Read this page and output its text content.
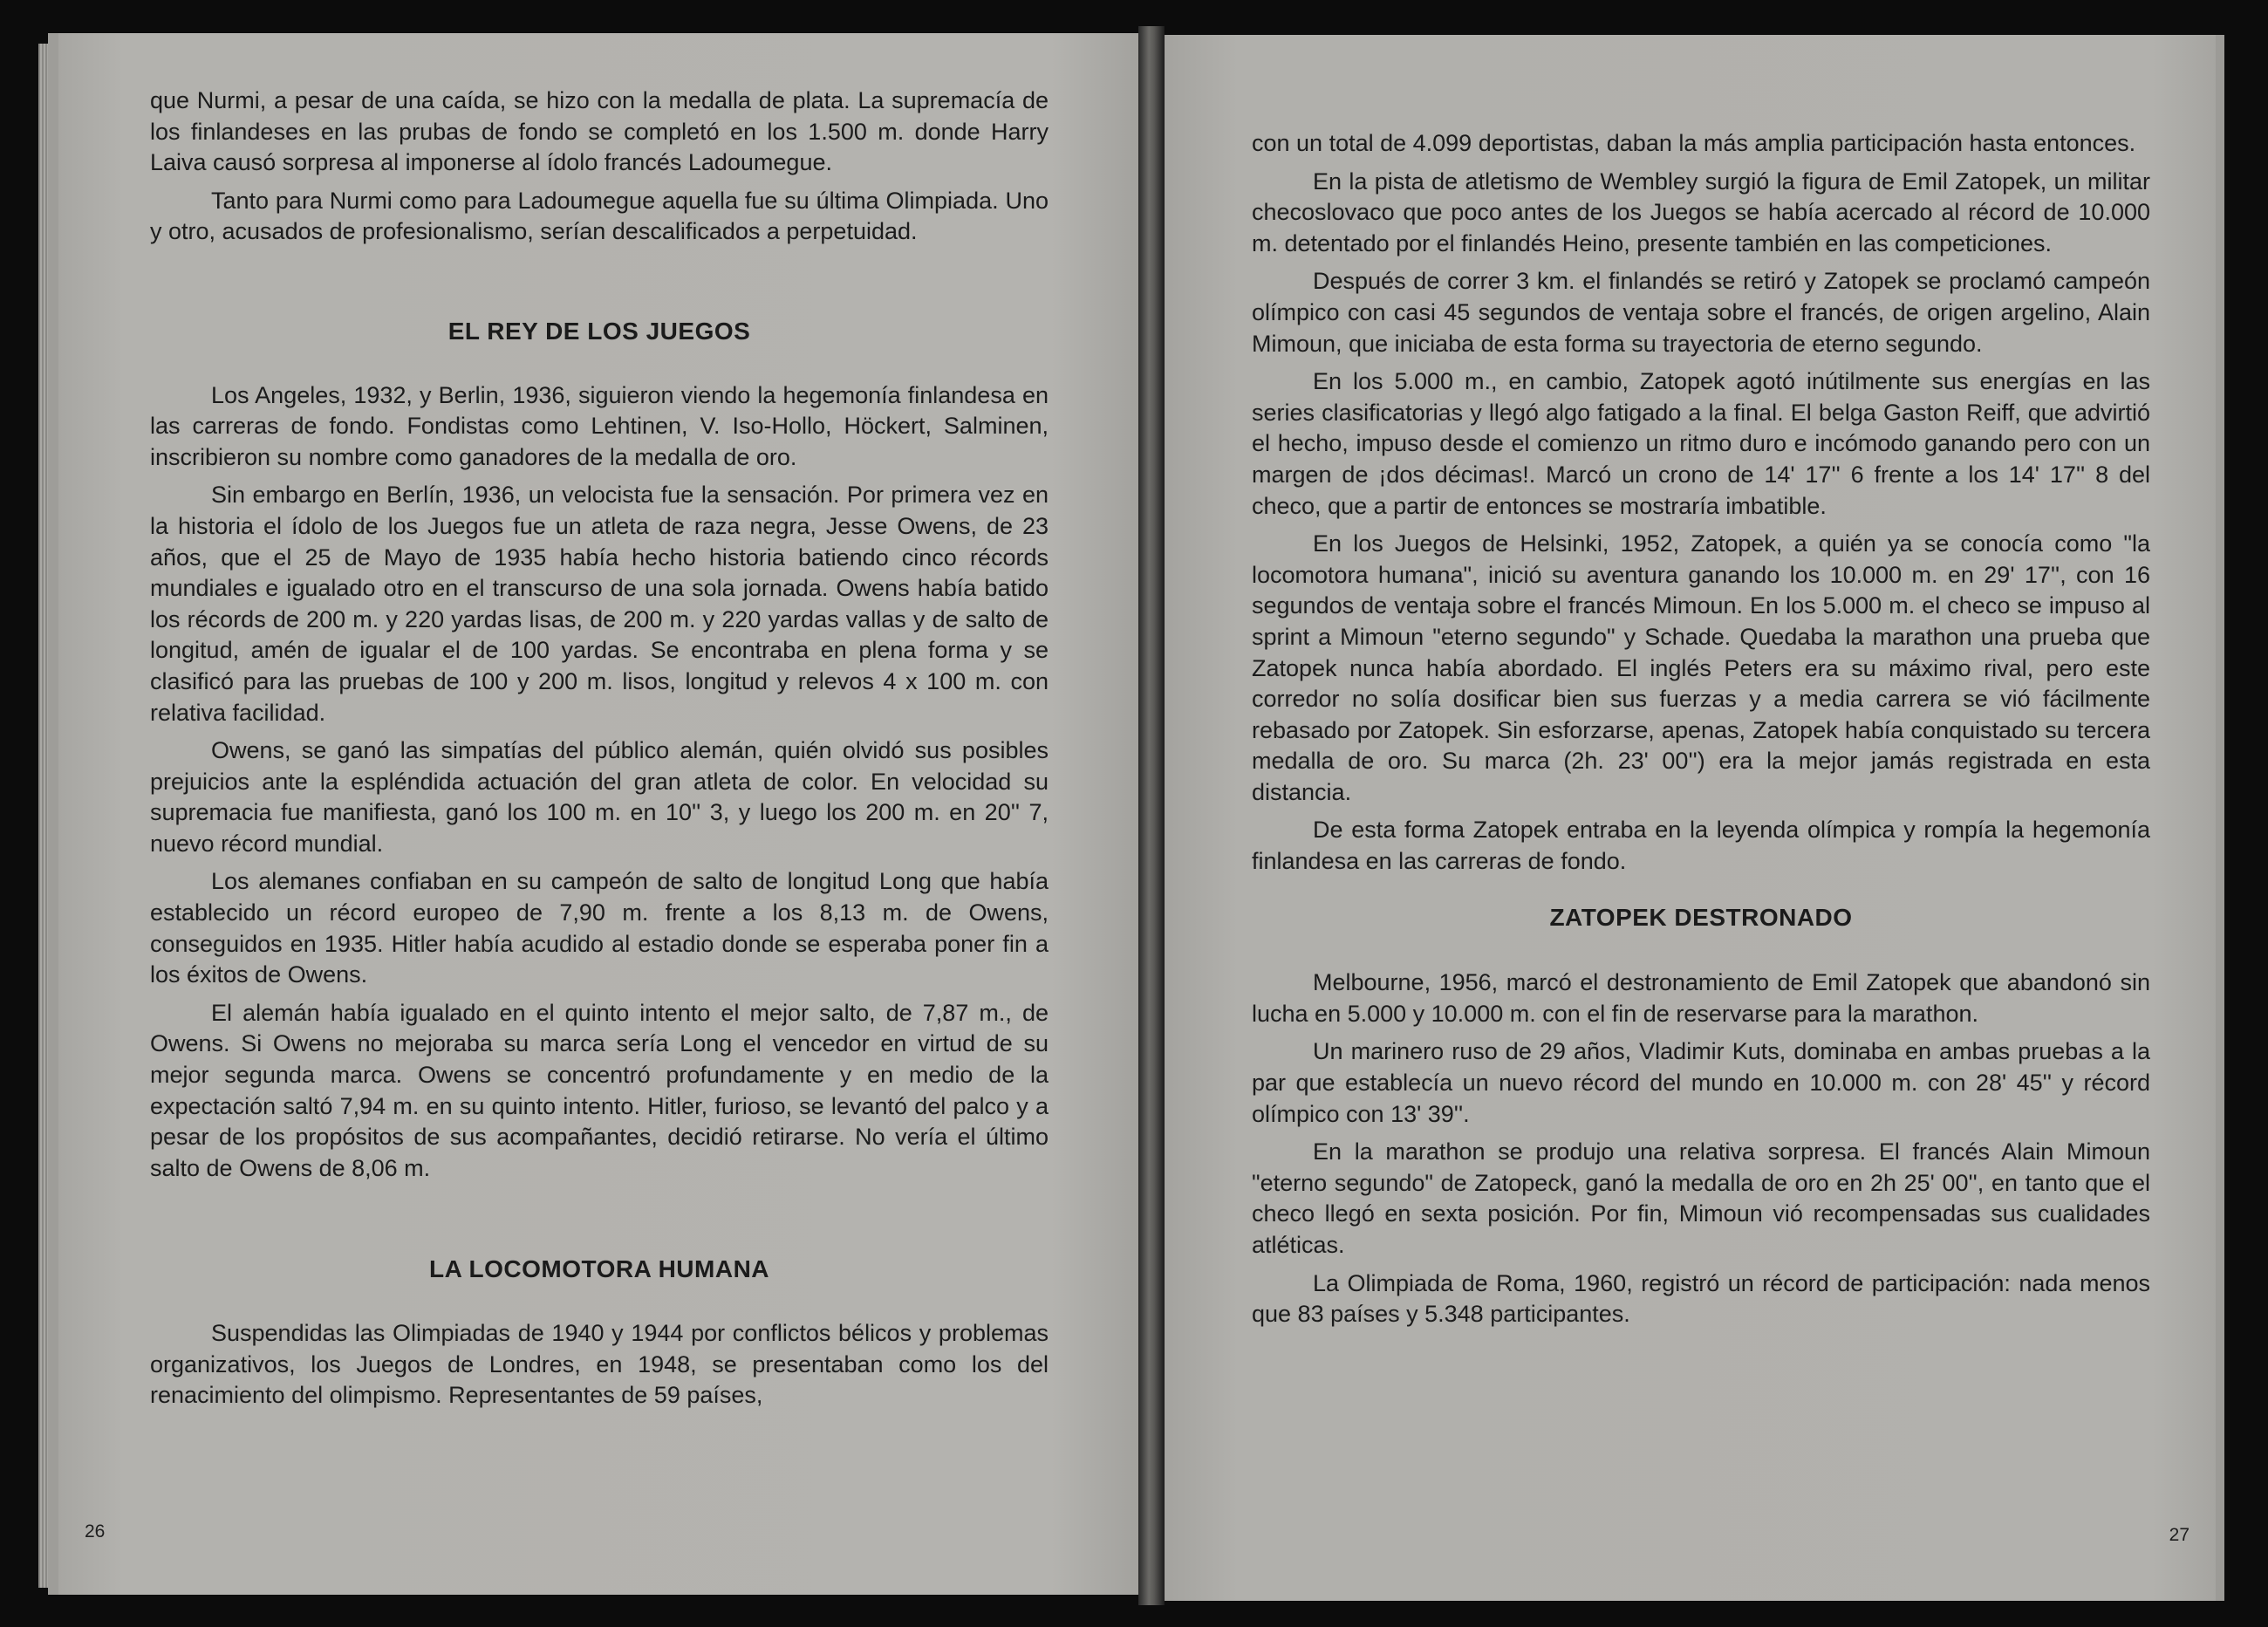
que Nurmi, a pesar de una caída, se hizo con la medalla de plata. La supremacía de los finlandeses en las prubas de fondo se completó en los 1.500 m. donde Harry Laiva causó sorpresa al imponerse al ídolo francés Ladoumegue.

Tanto para Nurmi como para Ladoumegue aquella fue su última Olimpiada. Uno y otro, acusados de profesionalismo, serían descalificados a perpetuidad.

EL REY DE LOS JUEGOS

Los Angeles, 1932, y Berlin, 1936, siguieron viendo la hegemonía finlandesa en las carreras de fondo. Fondistas como Lehtinen, V. Iso-Hollo, Höckert, Salminen, inscribieron su nombre como ganadores de la medalla de oro.

Sin embargo en Berlín, 1936, un velocista fue la sensación. Por primera vez en la historia el ídolo de los Juegos fue un atleta de raza negra, Jesse Owens, de 23 años, que el 25 de Mayo de 1935 había hecho historia batiendo cinco récords mundiales e igualado otro en el transcurso de una sola jornada. Owens había batido los récords de 200 m. y 220 yardas lisas, de 200 m. y 220 yardas vallas y de salto de longitud, amén de igualar el de 100 yardas. Se encontraba en plena forma y se clasificó para las pruebas de 100 y 200 m. lisos, longitud y relevos 4 x 100 m. con relativa facilidad.

Owens, se ganó las simpatías del público alemán, quién olvidó sus posibles prejuicios ante la espléndida actuación del gran atleta de color. En velocidad su supremacia fue manifiesta, ganó los 100 m. en 10'' 3, y luego los 200 m. en 20'' 7, nuevo récord mundial.

Los alemanes confiaban en su campeón de salto de longitud Long que había establecido un récord europeo de 7,90 m. frente a los 8,13 m. de Owens, conseguidos en 1935. Hitler había acudido al estadio donde se esperaba poner fin a los éxitos de Owens.

El alemán había igualado en el quinto intento el mejor salto, de 7,87 m., de Owens. Si Owens no mejoraba su marca sería Long el vencedor en virtud de su mejor segunda marca. Owens se concentró profundamente y en medio de la expectación saltó 7,94 m. en su quinto intento. Hitler, furioso, se levantó del palco y a pesar de los propósitos de sus acompañantes, decidió retirarse. No vería el último salto de Owens de 8,06 m.

LA LOCOMOTORA HUMANA

Suspendidas las Olimpiadas de 1940 y 1944 por conflictos bélicos y problemas organizativos, los Juegos de Londres, en 1948, se presentaban como los del renacimiento del olimpismo. Representantes de 59 países,

26

con un total de 4.099 deportistas, daban la más amplia participación hasta entonces.

En la pista de atletismo de Wembley surgió la figura de Emil Zatopek, un militar checoslovaco que poco antes de los Juegos se había acercado al récord de 10.000 m. detentado por el finlandés Heino, presente también en las competiciones.

Después de correr 3 km. el finlandés se retiró y Zatopek se proclamó campeón olímpico con casi 45 segundos de ventaja sobre el francés, de origen argelino, Alain Mimoun, que iniciaba de esta forma su trayectoria de eterno segundo.

En los 5.000 m., en cambio, Zatopek agotó inútilmente sus energías en las series clasificatorias y llegó algo fatigado a la final. El belga Gaston Reiff, que advirtió el hecho, impuso desde el comienzo un ritmo duro e incómodo ganando pero con un margen de ¡dos décimas!. Marcó un crono de 14' 17'' 6 frente a los 14' 17'' 8 del checo, que a partir de entonces se mostraría imbatible.

En los Juegos de Helsinki, 1952, Zatopek, a quién ya se conocía como "la locomotora humana", inició su aventura ganando los 10.000 m. en 29' 17'', con 16 segundos de ventaja sobre el francés Mimoun. En los 5.000 m. el checo se impuso al sprint a Mimoun "eterno segundo" y Schade. Quedaba la marathon una prueba que Zatopek nunca había abordado. El inglés Peters era su máximo rival, pero este corredor no solía dosificar bien sus fuerzas y a media carrera se vió fácilmente rebasado por Zatopek. Sin esforzarse, apenas, Zatopek había conquistado su tercera medalla de oro. Su marca (2h. 23' 00'') era la mejor jamás registrada en esta distancia.

De esta forma Zatopek entraba en la leyenda olímpica y rompía la hegemonía finlandesa en las carreras de fondo.

ZATOPEK DESTRONADO

Melbourne, 1956, marcó el destronamiento de Emil Zatopek que abandonó sin lucha en 5.000 y 10.000 m. con el fin de reservarse para la marathon.

Un marinero ruso de 29 años, Vladimir Kuts, dominaba en ambas pruebas a la par que establecía un nuevo récord del mundo en 10.000 m. con 28' 45'' y récord olímpico con 13' 39''.

En la marathon se produjo una relativa sorpresa. El francés Alain Mimoun "eterno segundo" de Zatopeck, ganó la medalla de oro en 2h 25' 00'', en tanto que el checo llegó en sexta posición. Por fin, Mimoun vió recompensadas sus cualidades atléticas.

La Olimpiada de Roma, 1960, registró un récord de participación: nada menos que 83 países y 5.348 participantes.

27
